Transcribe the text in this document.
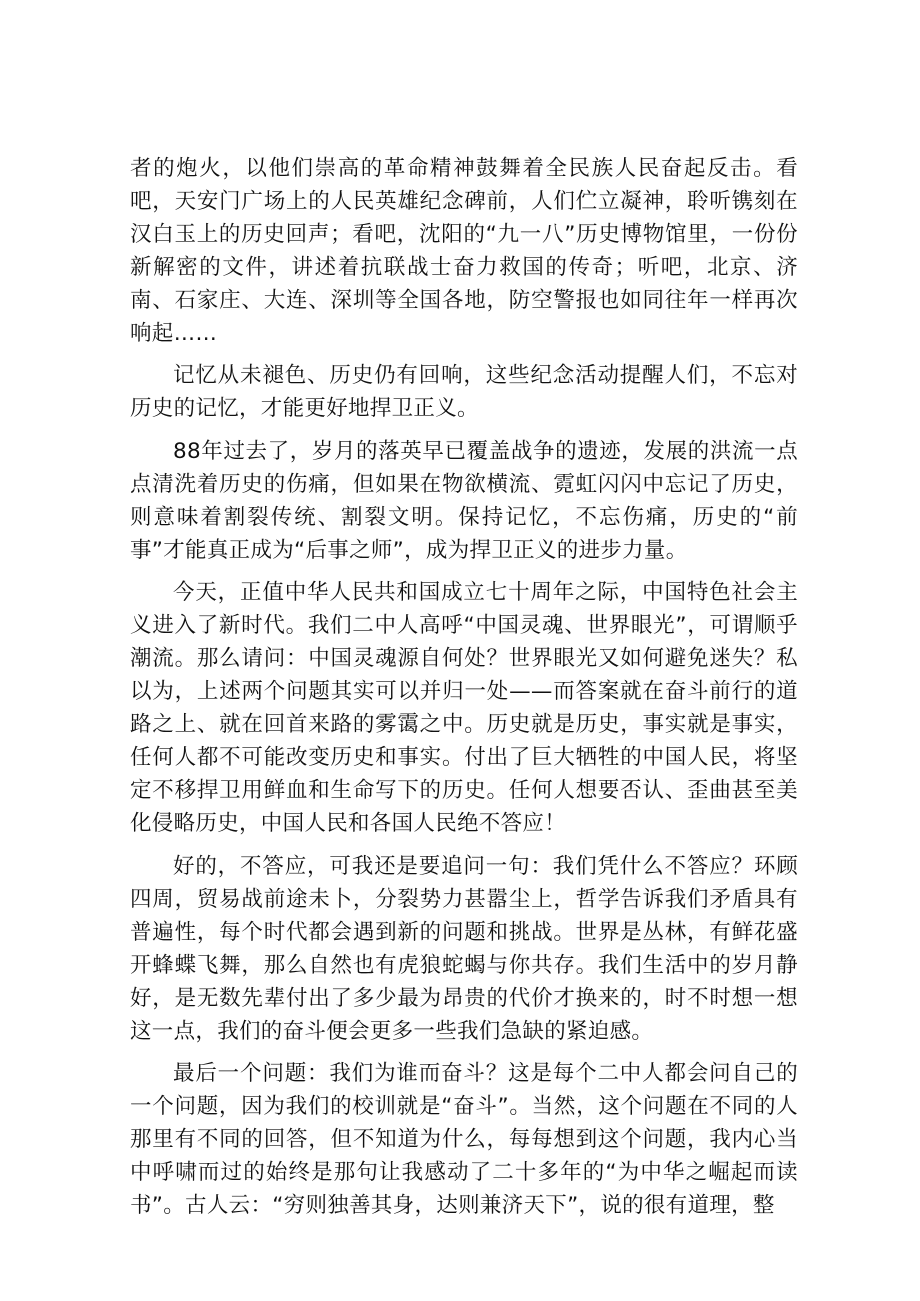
者的炮火，以他们崇高的革命精神鼓舞着全民族人民奋起反击。看吧，天安门广场上的人民英雄纪念碑前，人们伫立凝神，聆听镌刻在汉白玉上的历史回声；看吧，沈阳的“九一八”历史博物馆里，一份份新解密的文件，讲述着抗联战士奋力救国的传奇；听吧，北京、济南、石家庄、大连、深圳等全国各地，防空警报也如同往年一样再次响起……

记忆从未褪色、历史仍有回响，这些纪念活动提醒人们，不忘对历史的记忆，才能更好地捍卫正义。

88年过去了，岁月的落英早已覆盖战争的遗迹，发展的洪流一点点清洗着历史的伤痛，但如果在物欲横流、霓虹闪闪中忘记了历史，则意味着割裂传统、割裂文明。保持记忆，不忘伤痛，历史的“前事”才能真正成为“后事之师”，成为捍卫正义的进步力量。

今天，正值中华人民共和国成立七十周年之际，中国特色社会主义进入了新时代。我们二中人高呼“中国灵魂、世界眼光”，可谓顺乎潮流。那么请问：中国灵魂源自何处？世界眼光又如何避免迷失？私以为，上述两个问题其实可以并归一处——而答案就在奋斗前行的道路之上、就在回首来路的雾霭之中。历史就是历史，事实就是事实，任何人都不可能改变历史和事实。付出了巨大牺牲的中国人民，将坚定不移捍卫用鲜血和生命写下的历史。任何人想要否认、歪曲甚至美化侵略历史，中国人民和各国人民绝不答应！

好的，不答应，可我还是要追问一句：我们凭什么不答应？环顾四周，贸易战前途未卜，分裂势力甚嚣尘上，哲学告诉我们矛盾具有普遍性，每个时代都会遇到新的问题和挑战。世界是丛林，有鲜花盛开蜂蝶飞舞，那么自然也有虎狼蛇蝎与你共存。我们生活中的岁月静好，是无数先辈付出了多少最为昂贵的代价才换来的，时不时想一想这一点，我们的奋斗便会更多一些我们急缺的紧迫感。

最后一个问题：我们为谁而奋斗？这是每个二中人都会问自己的一个问题，因为我们的校训就是“奋斗”。当然，这个问题在不同的人那里有不同的回答，但不知道为什么，每每想到这个问题，我内心当中呼啸而过的始终是那句让我感动了二十多年的“为中华之崛起而读书”。古人云：“穷则独善其身，达则兼济天下”，说的很有道理，整
